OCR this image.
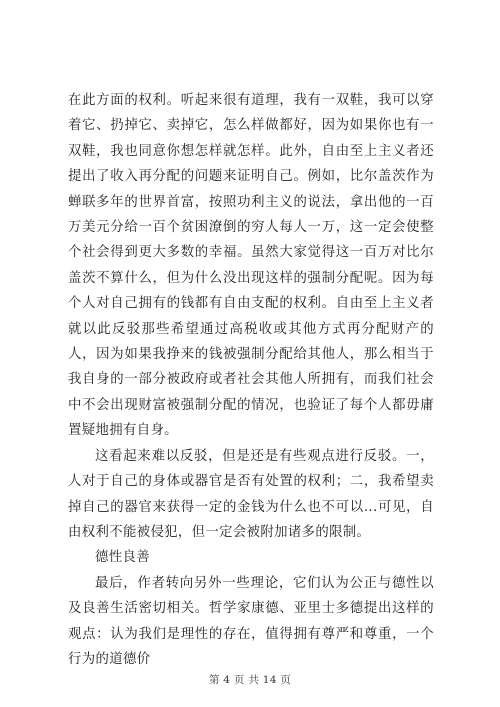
在此方面的权利。听起来很有道理，我有一双鞋，我可以穿着它、扔掉它、卖掉它，怎么样做都好，因为如果你也有一双鞋，我也同意你想怎样就怎样。此外，自由至上主义者还提出了收入再分配的问题来证明自己。例如，比尔盖茨作为蝉联多年的世界首富，按照功利主义的说法，拿出他的一百万美元分给一百个贫困潦倒的穷人每人一万，这一定会使整个社会得到更大多数的幸福。虽然大家觉得这一百万对比尔盖茨不算什么，但为什么没出现这样的强制分配呢。因为每个人对自己拥有的钱都有自由支配的权利。自由至上主义者就以此反驳那些希望通过高税收或其他方式再分配财产的人，因为如果我挣来的钱被强制分配给其他人，那么相当于我自身的一部分被政府或者社会其他人所拥有，而我们社会中不会出现财富被强制分配的情况，也验证了每个人都毋庸置疑地拥有自身。

这看起来难以反驳，但是还是有些观点进行反驳。一，人对于自己的身体或器官是否有处置的权利；二，我希望卖掉自己的器官来获得一定的金钱为什么也不可以...可见，自由权利不能被侵犯，但一定会被附加诸多的限制。

德性良善

最后，作者转向另外一些理论，它们认为公正与德性以及良善生活密切相关。哲学家康德、亚里士多德提出这样的观点：认为我们是理性的存在，值得拥有尊严和尊重，一个行为的道德价

第 4 页 共 14 页
